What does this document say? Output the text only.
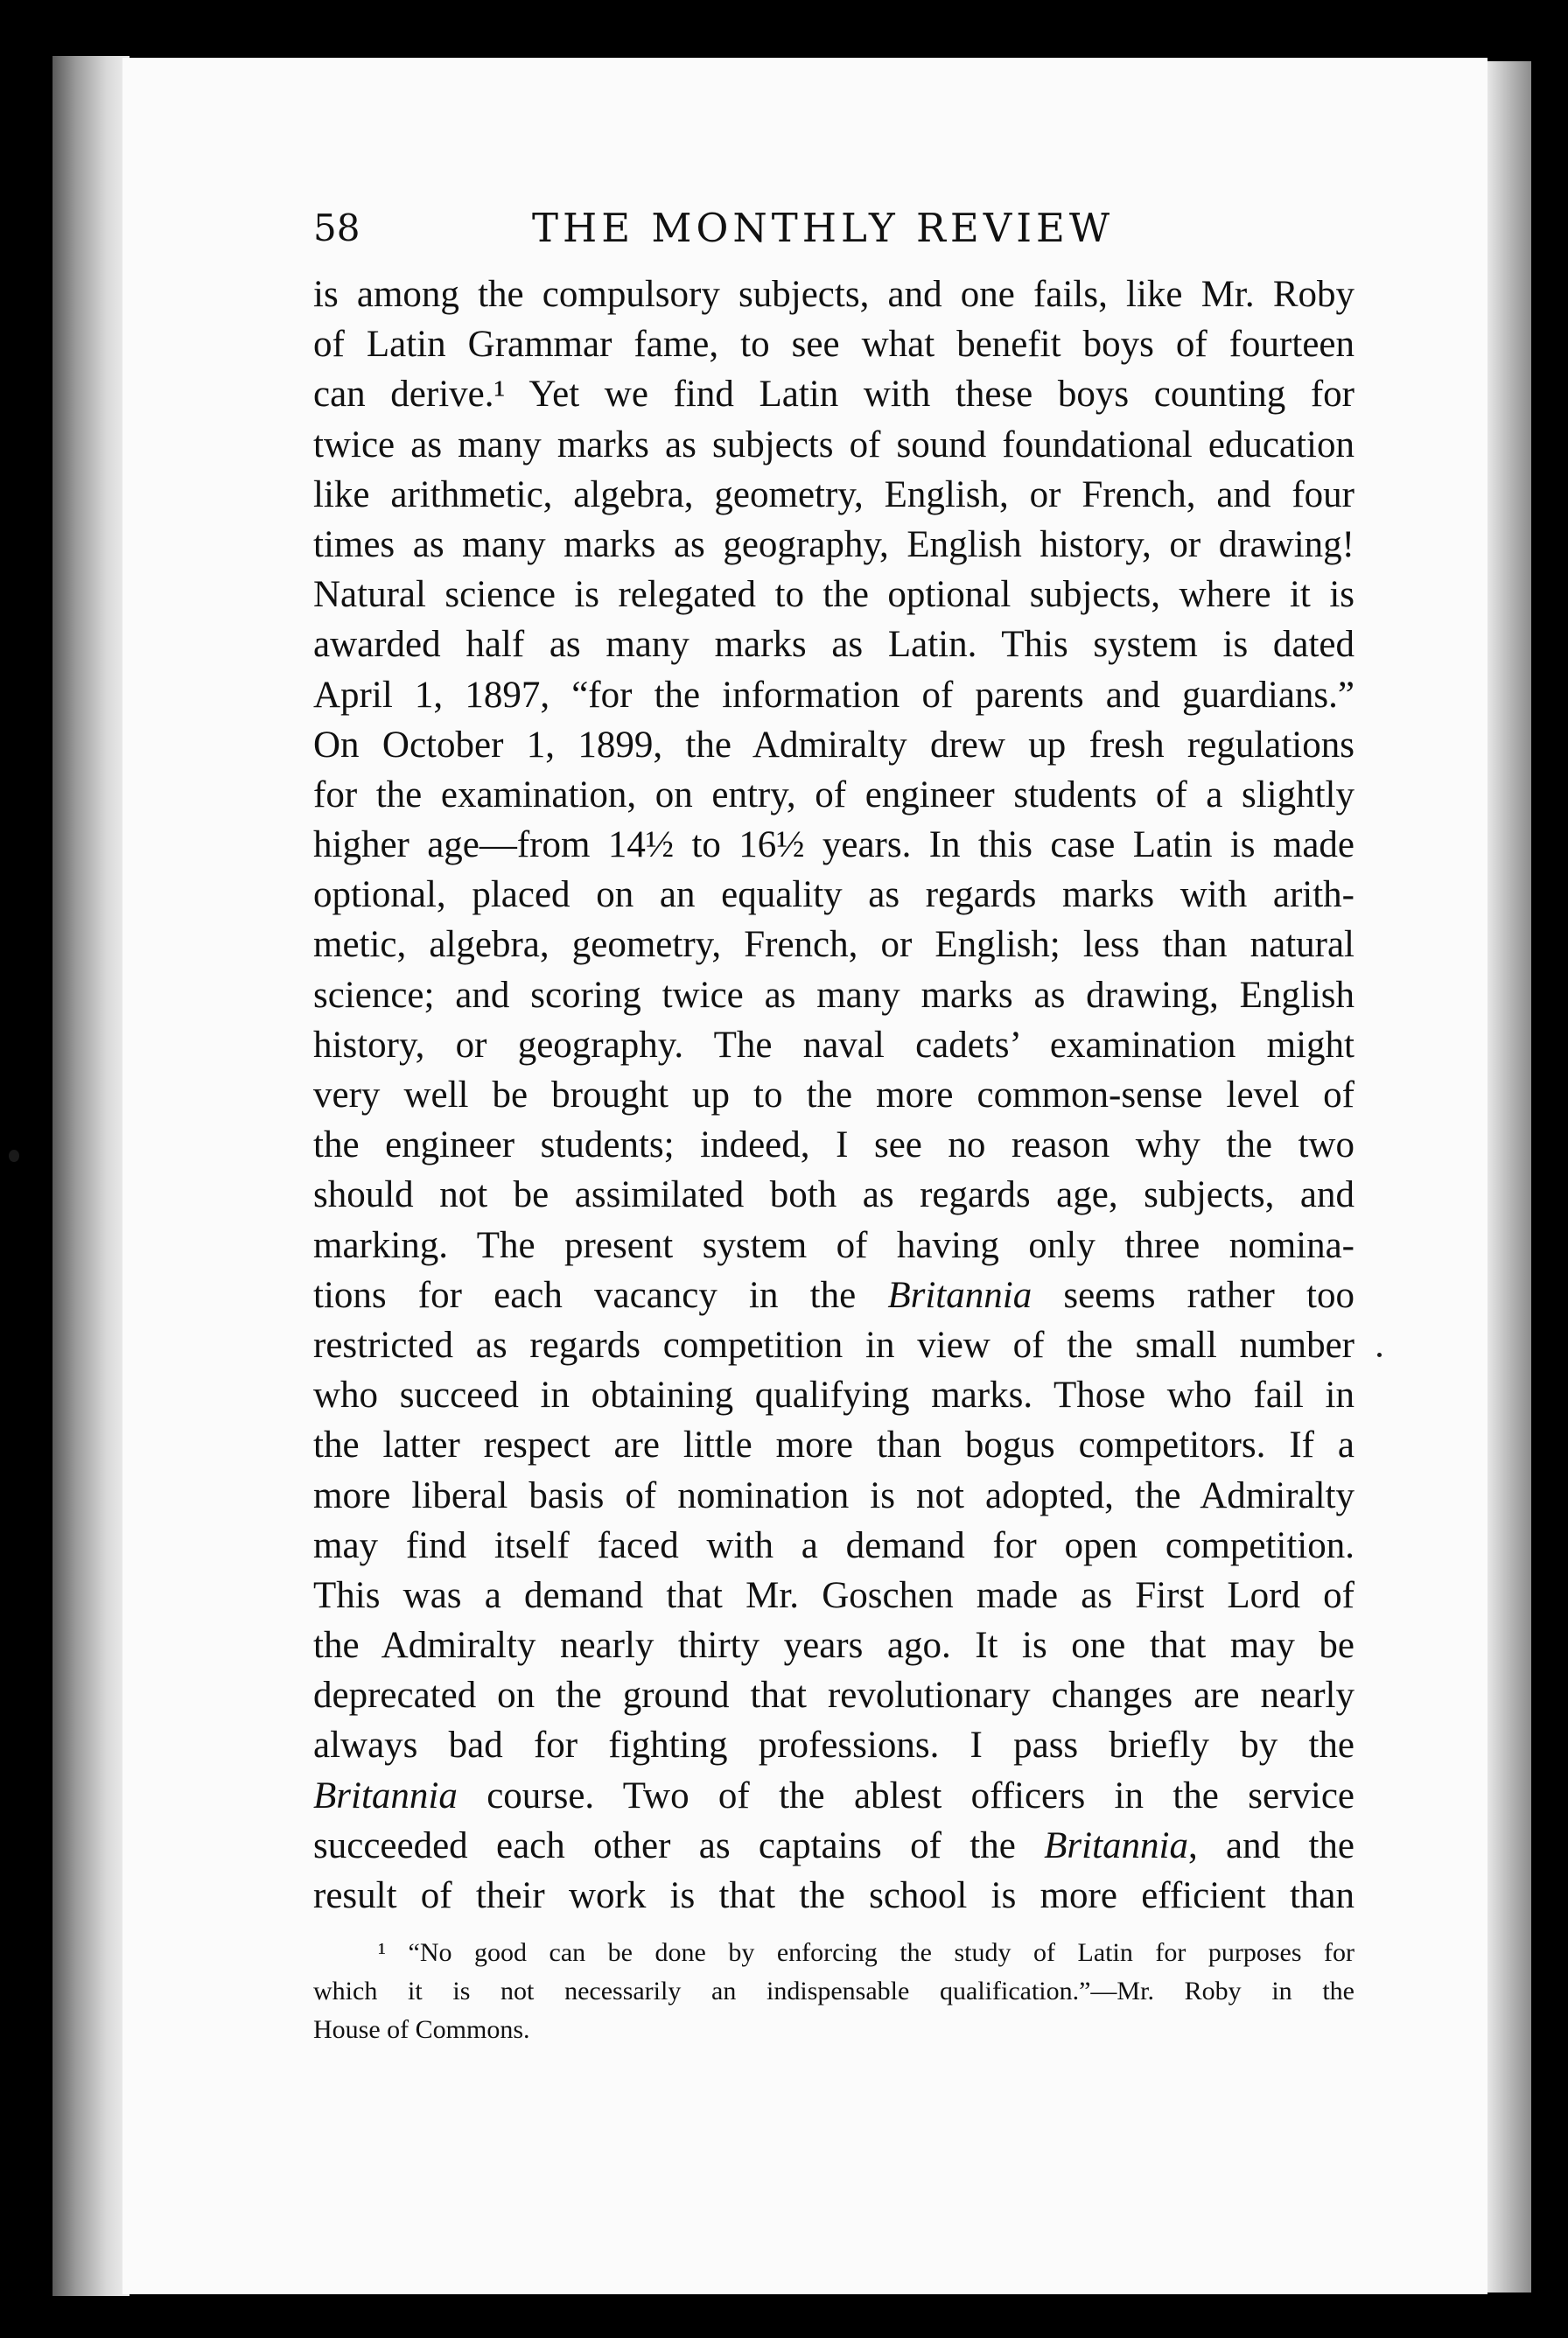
58	THE MONTHLY REVIEW
is among the compulsory subjects, and one fails, like Mr. Roby
of Latin Grammar fame, to see what benefit boys of fourteen
can derive.¹ Yet we find Latin with these boys counting for
twice as many marks as subjects of sound foundational education
like arithmetic, algebra, geometry, English, or French, and four
times as many marks as geography, English history, or drawing!
Natural science is relegated to the optional subjects, where it is
awarded half as many marks as Latin. This system is dated
April 1, 1897, “for the information of parents and guardians.”
On October 1, 1899, the Admiralty drew up fresh regulations
for the examination, on entry, of engineer students of a slightly
higher age—from 14½ to 16½ years. In this case Latin is made
optional, placed on an equality as regards marks with arith-
metic, algebra, geometry, French, or English; less than natural
science; and scoring twice as many marks as drawing, English
history, or geography. The naval cadets’ examination might
very well be brought up to the more common-sense level of
the engineer students; indeed, I see no reason why the two
should not be assimilated both as regards age, subjects, and
marking. The present system of having only three nomina-
tions for each vacancy in the Britannia seems rather too
restricted as regards competition in view of the small number
who succeed in obtaining qualifying marks. Those who fail in
the latter respect are little more than bogus competitors. If a
more liberal basis of nomination is not adopted, the Admiralty
may find itself faced with a demand for open competition.
This was a demand that Mr. Goschen made as First Lord of
the Admiralty nearly thirty years ago. It is one that may be
deprecated on the ground that revolutionary changes are nearly
always bad for fighting professions. I pass briefly by the
Britannia course. Two of the ablest officers in the service
succeeded each other as captains of the Britannia, and the
result of their work is that the school is more efficient than
¹ “No good can be done by enforcing the study of Latin for purposes for
which it is not necessarily an indispensable qualification.”—Mr. Roby in the
House of Commons.
